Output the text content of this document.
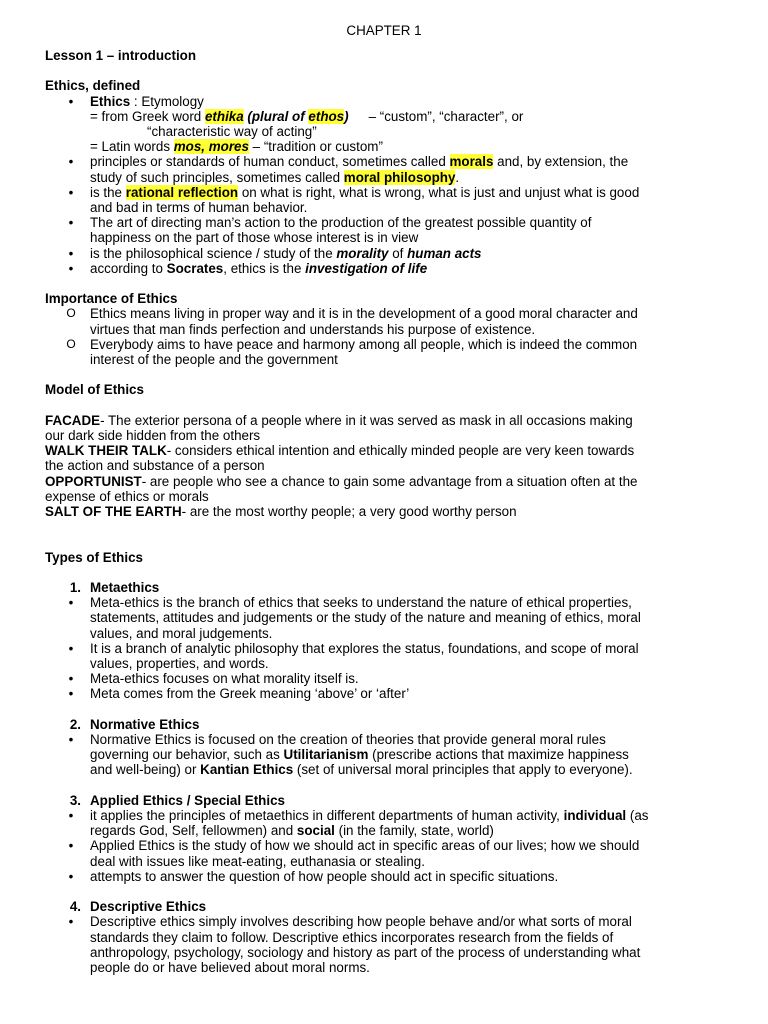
CHAPTER 1
Lesson 1 – introduction
Ethics, defined
•	Ethics : Etymology
= from Greek word ethika (plural of ethos) – “custom”, “character”, or
“characteristic way of acting”
= Latin words mos, mores – “tradition or custom”
•	principles or standards of human conduct, sometimes called morals and, by extension, the
study of such principles, sometimes called moral philosophy.
•	is the rational reflection on what is right, what is wrong, what is just and unjust what is good
and bad in terms of human behavior.
•	The art of directing man’s action to the production of the greatest possible quantity of
happiness on the part of those whose interest is in view
•	is the philosophical science / study of the morality of human acts
•	according to Socrates, ethics is the investigation of life
Importance of Ethics
O	Ethics means living in proper way and it is in the development of a good moral character and
virtues that man finds perfection and understands his purpose of existence.
O	Everybody aims to have peace and harmony among all people, which is indeed the common
interest of the people and the government
Model of Ethics

FACADE- The exterior persona of a people where in it was served as mask in all occasions making
our dark side hidden from the others

WALK THEIR TALK- considers ethical intention and ethically minded people are very keen towards
the action and substance of a person

OPPORTUNIST- are people who see a chance to gain some advantage from a situation often at the
expense of ethics or morals

SALT OF THE EARTH- are the most worthy people; a very good worthy person

Types of Ethics
1. Metaethics
•	Meta-ethics is the branch of ethics that seeks to understand the nature of ethical properties,
statements, attitudes and judgements or the study of the nature and meaning of ethics, moral
values, and moral judgements.
•	It is a branch of analytic philosophy that explores the status, foundations, and scope of moral
values, properties, and words.
•	Meta-ethics focuses on what morality itself is.
•	Meta comes from the Greek meaning ‘above’ or ‘after’
2. Normative Ethics
•	Normative Ethics is focused on the creation of theories that provide general moral rules
governing our behavior, such as Utilitarianism (prescribe actions that maximize happiness
and well-being) or Kantian Ethics (set of universal moral principles that apply to everyone).
3. Applied Ethics / Special Ethics
•	it applies the principles of metaethics in different departments of human activity, individual (as
regards God, Self, fellowmen) and social (in the family, state, world)
•	Applied Ethics is the study of how we should act in specific areas of our lives; how we should
deal with issues like meat-eating, euthanasia or stealing.
•	attempts to answer the question of how people should act in specific situations.
4. Descriptive Ethics
•	Descriptive ethics simply involves describing how people behave and/or what sorts of moral
standards they claim to follow. Descriptive ethics incorporates research from the fields of
anthropology, psychology, sociology and history as part of the process of understanding what
people do or have believed about moral norms.
